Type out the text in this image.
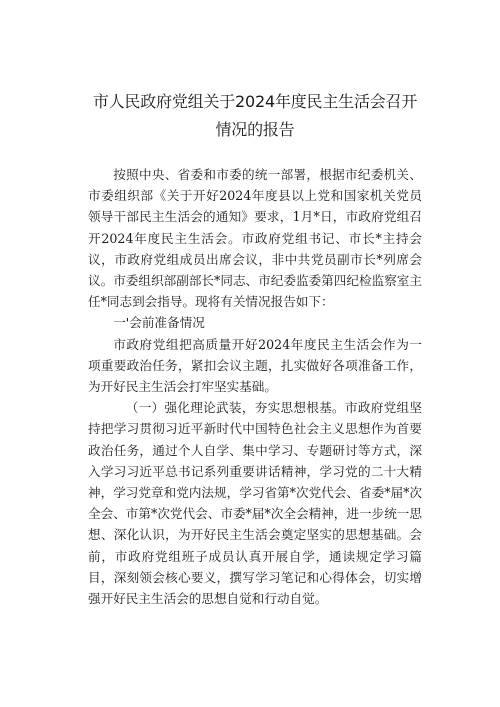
市人民政府党组关于2024年度民主生活会召开情况的报告

按照中央、省委和市委的统一部署，根据市纪委机关、市委组织部《关于开好2024年度县以上党和国家机关党员领导干部民主生活会的通知》要求，1月*日，市政府党组召开2024年度民主生活会。市政府党组书记、市长*主持会议，市政府党组成员出席会议，非中共党员副市长*列席会议。市委组织部副部长*同志、市纪委监委第四纪检监察室主任*同志到会指导。现将有关情况报告如下：

一'会前准备情况

市政府党组把高质量开好2024年度民主生活会作为一项重要政治任务，紧扣会议主题，扎实做好各项准备工作，为开好民主生活会打牢坚实基础。

（一）强化理论武装，夯实思想根基。市政府党组坚持把学习贯彻习近平新时代中国特色社会主义思想作为首要政治任务，通过个人自学、集中学习、专题研讨等方式，深入学习习近平总书记系列重要讲话精神，学习党的二十大精神，学习党章和党内法规，学习省第*次党代会、省委*届*次全会、市第*次党代会、市委*届*次全会精神，进一步统一思想、深化认识，为开好民主生活会奠定坚实的思想基础。会前，市政府党组班子成员认真开展自学，通读规定学习篇目，深刻领会核心要义，撰写学习笔记和心得体会，切实增强开好民主生活会的思想自觉和行动自觉。
